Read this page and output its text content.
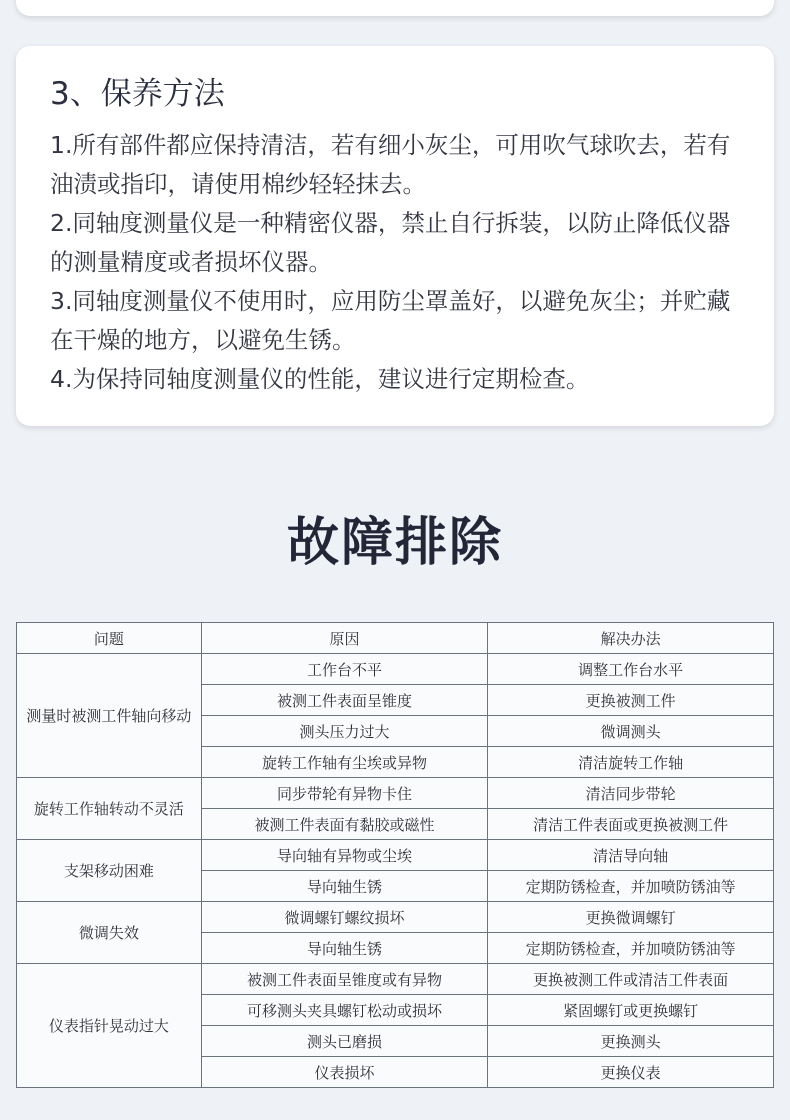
3、保养方法

1.所有部件都应保持清洁，若有细小灰尘，可用吹气球吹去，若有油渍或指印，请使用棉纱轻轻抹去。

2.同轴度测量仪是一种精密仪器，禁止自行拆装，以防止降低仪器的测量精度或者损坏仪器。

3.同轴度测量仪不使用时，应用防尘罩盖好，以避免灰尘；并贮藏在干燥的地方，以避免生锈。

4.为保持同轴度测量仪的性能，建议进行定期检查。

故障排除
问题	原因	解决办法
测量时被测工件轴向移动	工作台不平	调整工作台水平
	被测工件表面呈锥度	更换被测工件
	测头压力过大	微调测头
	旋转工作轴有尘埃或异物	清洁旋转工作轴
旋转工作轴转动不灵活	同步带轮有异物卡住	清洁同步带轮
	被测工件表面有黏胶或磁性	清洁工件表面或更换被测工件
支架移动困难	导向轴有异物或尘埃	清洁导向轴
	导向轴生锈	定期防锈检查，并加喷防锈油等
微调失效	微调螺钉螺纹损坏	更换微调螺钉
	导向轴生锈	定期防锈检查，并加喷防锈油等
仪表指针晃动过大	被测工件表面呈锥度或有异物	更换被测工件或清洁工件表面
	可移测头夹具螺钉松动或损坏	紧固螺钉或更换螺钉
	测头已磨损	更换测头
	仪表损坏	更换仪表
